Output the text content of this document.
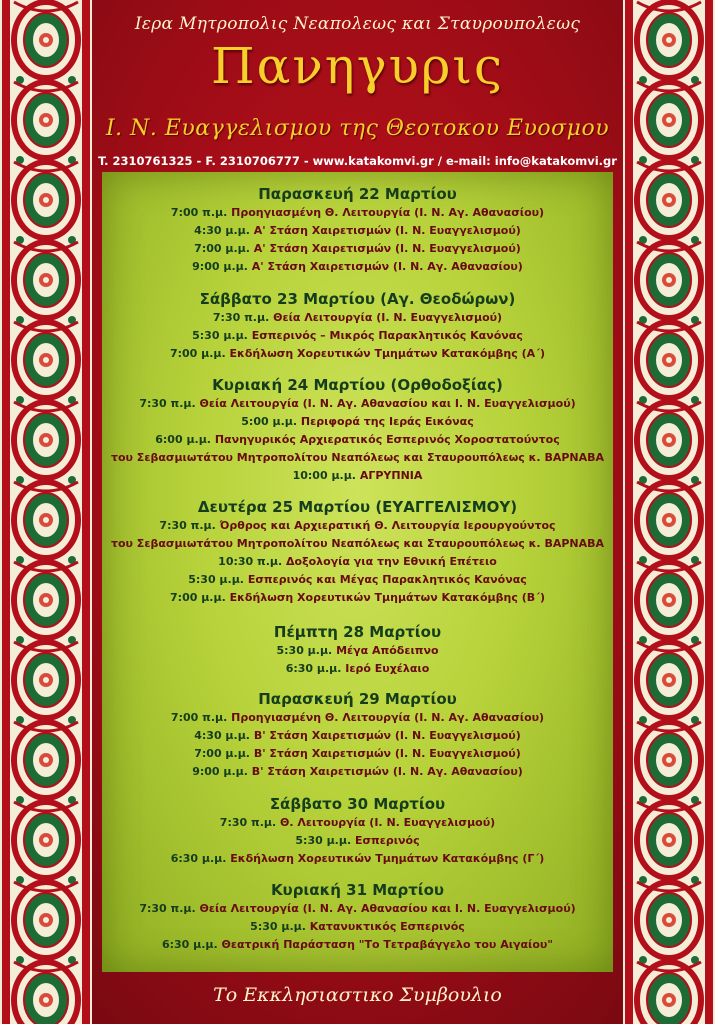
Ιερα Μητροπολις Νεαπολεως και Σταυρουπολεως
Πανηγυρις
Ι. Ν. Ευαγγελισμου της Θεοτοκου Ευοσμου
T. 2310761325 - F. 2310706777 - www.katakomvi.gr / e-mail: info@katakomvi.gr
Παρασκευή 22 Μαρτίου
7:00 π.μ. Προηγιασμένη Θ. Λειτουργία (Ι. Ν. Αγ. Αθανασίου)
4:30 μ.μ. Α' Στάση Χαιρετισμών (Ι. Ν. Ευαγγελισμού)
7:00 μ.μ. Α' Στάση Χαιρετισμών (Ι. Ν. Ευαγγελισμού)
9:00 μ.μ. Α' Στάση Χαιρετισμών (Ι. Ν. Αγ. Αθανασίου)
Σάββατο 23 Μαρτίου (Αγ. Θεοδώρων)
7:30 π.μ. Θεία Λειτουργία (Ι. Ν. Ευαγγελισμού)
5:30 μ.μ. Εσπερινός – Μικρός Παρακλητικός Κανόνας
7:00 μ.μ. Εκδήλωση Χορευτικών Τμημάτων Κατακόμβης (Α΄)
Κυριακή 24 Μαρτίου (Ορθοδοξίας)
7:30 π.μ. Θεία Λειτουργία (Ι. Ν. Αγ. Αθανασίου και Ι. Ν. Ευαγγελισμού)
5:00 μ.μ. Περιφορά της Ιεράς Εικόνας
6:00 μ.μ. Πανηγυρικός Αρχιερατικός Εσπερινός Χοροστατούντος
του Σεβασμιωτάτου Μητροπολίτου Νεαπόλεως και Σταυρουπόλεως κ. ΒΑΡΝΑΒΑ
10:00 μ.μ. ΑΓΡΥΠΝΙΑ
Δευτέρα 25 Μαρτίου (ΕΥΑΓΓΕΛΙΣΜΟΥ)
7:30 π.μ. Όρθρος και Αρχιερατική Θ. Λειτουργία Ιερουργούντος
του Σεβασμιωτάτου Μητροπολίτου Νεαπόλεως και Σταυρουπόλεως κ. ΒΑΡΝΑΒΑ
10:30 π.μ. Δοξολογία για την Εθνική Επέτειο
5:30 μ.μ. Εσπερινός και Μέγας Παρακλητικός Κανόνας
7:00 μ.μ. Εκδήλωση Χορευτικών Τμημάτων Κατακόμβης (Β΄)
Πέμπτη 28 Μαρτίου
5:30 μ.μ. Μέγα Απόδειπνο
6:30 μ.μ. Ιερό Ευχέλαιο
Παρασκευή 29 Μαρτίου
7:00 π.μ. Προηγιασμένη Θ. Λειτουργία (Ι. Ν. Αγ. Αθανασίου)
4:30 μ.μ. Β' Στάση Χαιρετισμών (Ι. Ν. Ευαγγελισμού)
7:00 μ.μ. Β' Στάση Χαιρετισμών (Ι. Ν. Ευαγγελισμού)
9:00 μ.μ. Β' Στάση Χαιρετισμών (Ι. Ν. Αγ. Αθανασίου)
Σάββατο 30 Μαρτίου
7:30 π.μ. Θ. Λειτουργία (Ι. Ν. Ευαγγελισμού)
5:30 μ.μ. Εσπερινός
6:30 μ.μ. Εκδήλωση Χορευτικών Τμημάτων Κατακόμβης (Γ΄)
Κυριακή 31 Μαρτίου
7:30 π.μ. Θεία Λειτουργία (Ι. Ν. Αγ. Αθανασίου και Ι. Ν. Ευαγγελισμού)
5:30 μ.μ. Κατανυκτικός Εσπερινός
6:30 μ.μ. Θεατρική Παράσταση "Το Τετραβάγγελο του Αιγαίου"
Το Εκκλησιαστικο Συμβουλιο
